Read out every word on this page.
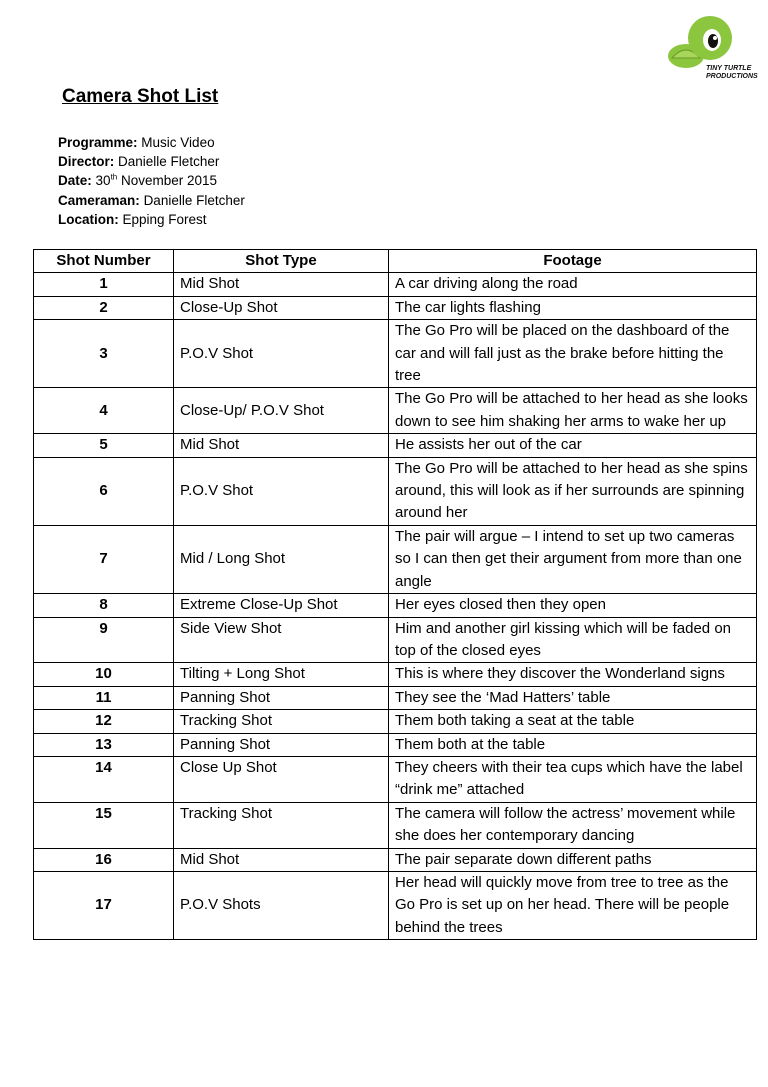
TINY TURTLE
PRODUCTIONS
Camera Shot List
Programme: Music Video
Director: Danielle Fletcher
Date: 30th November 2015
Cameraman: Danielle Fletcher
Location: Epping Forest
Shot Number	Shot Type	Footage
1	Mid Shot	A car driving along the road
2	Close-Up Shot	The car lights flashing
3	P.O.V Shot	The Go Pro will be placed on the dashboard of the car and will fall just as the brake before hitting the tree
4	Close-Up/ P.O.V Shot	The Go Pro will be attached to her head as she looks down to see him shaking her arms to wake her up
5	Mid Shot	He assists her out of the car
6	P.O.V Shot	The Go Pro will be attached to her head as she spins around, this will look as if her surrounds are spinning around her
7	Mid / Long Shot	The pair will argue – I intend to set up two cameras so I can then get their argument from more than one angle
8	Extreme Close-Up Shot	Her eyes closed then they open
9	Side View Shot	Him and another girl kissing which will be faded on top of the closed eyes
10	Tilting + Long Shot	This is where they discover the Wonderland signs
11	Panning Shot	They see the ‘Mad Hatters’ table
12	Tracking Shot	Them both taking a seat at the table
13	Panning Shot	Them both at the table
14	Close Up Shot	They cheers with their tea cups which have the label “drink me” attached
15	Tracking Shot	The camera will follow the actress’ movement while she does her contemporary dancing
16	Mid Shot	The pair separate down different paths
17	P.O.V Shots	Her head will quickly move from tree to tree as the Go Pro is set up on her head. There will be people behind the trees
